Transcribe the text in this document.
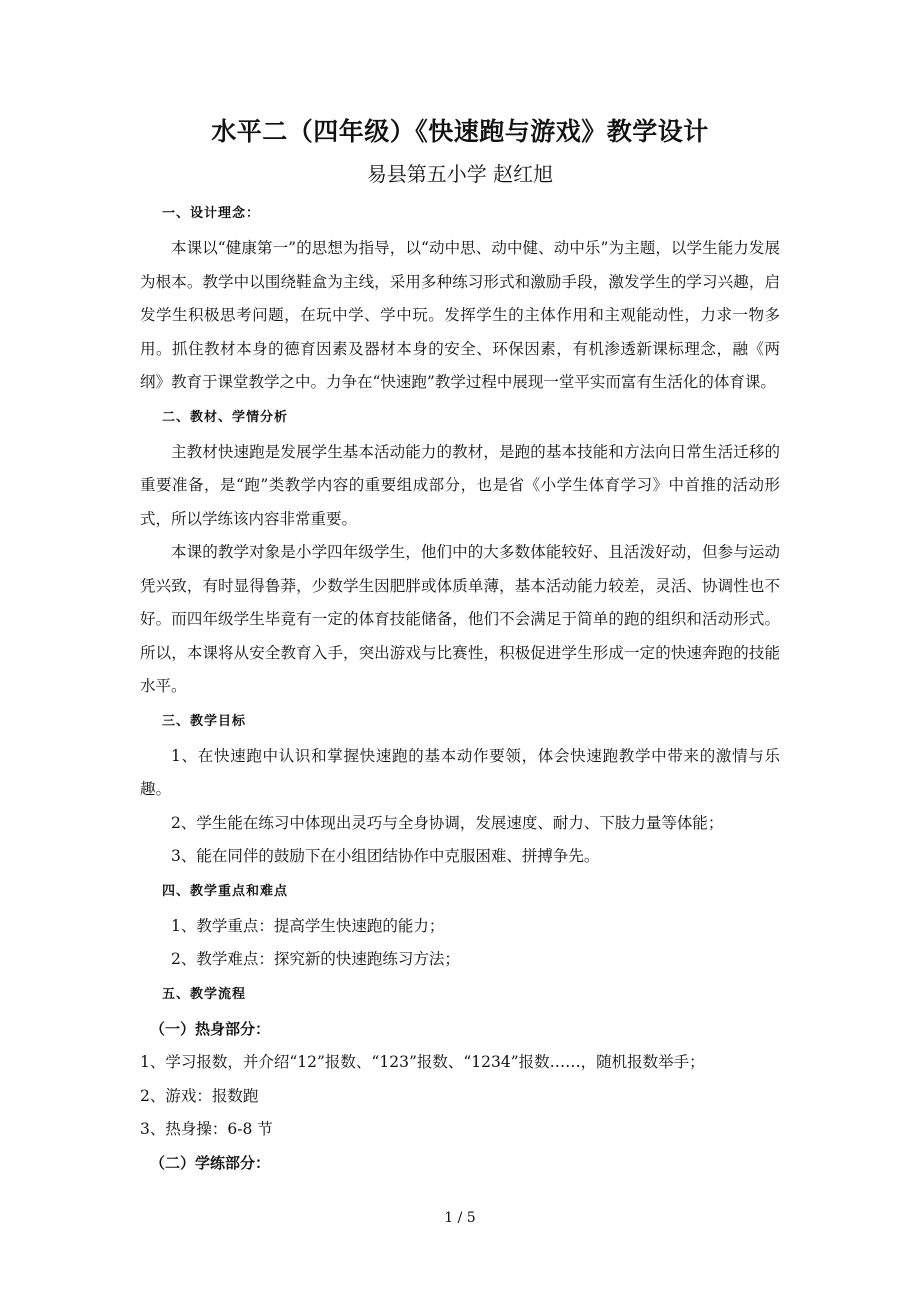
水平二（四年级）《快速跑与游戏》教学设计
易县第五小学 赵红旭
一、设计理念：

本课以“健康第一”的思想为指导，以“动中思、动中健、动中乐”为主题，以学生能力发展为根本。教学中以围绕鞋盒为主线，采用多种练习形式和激励手段，激发学生的学习兴趣，启发学生积极思考问题，在玩中学、学中玩。发挥学生的主体作用和主观能动性，力求一物多用。抓住教材本身的德育因素及器材本身的安全、环保因素，有机渗透新课标理念，融《两纲》教育于课堂教学之中。力争在“快速跑”教学过程中展现一堂平实而富有生活化的体育课。

二、教材、学情分析

主教材快速跑是发展学生基本活动能力的教材，是跑的基本技能和方法向日常生活迁移的重要准备，是“跑”类教学内容的重要组成部分，也是省《小学生体育学习》中首推的活动形式，所以学练该内容非常重要。

本课的教学对象是小学四年级学生，他们中的大多数体能较好、且活泼好动，但参与运动凭兴致，有时显得鲁莽，少数学生因肥胖或体质单薄，基本活动能力较差，灵活、协调性也不好。而四年级学生毕竟有一定的体育技能储备，他们不会满足于简单的跑的组织和活动形式。所以，本课将从安全教育入手，突出游戏与比赛性，积极促进学生形成一定的快速奔跑的技能水平。

三、教学目标

1、在快速跑中认识和掌握快速跑的基本动作要领，体会快速跑教学中带来的激情与乐趣。

2、学生能在练习中体现出灵巧与全身协调，发展速度、耐力、下肢力量等体能；

3、能在同伴的鼓励下在小组团结协作中克服困难、拼搏争先。

四、教学重点和难点

1、教学重点：提高学生快速跑的能力；

2、教学难点：探究新的快速跑练习方法；

五、教学流程
（一）热身部分：

1、学习报数，并介绍“12”报数、“123”报数、“1234”报数……，随机报数举手；

2、游戏：报数跑

3、热身操：6-8 节

（二）学练部分：
1 / 5
